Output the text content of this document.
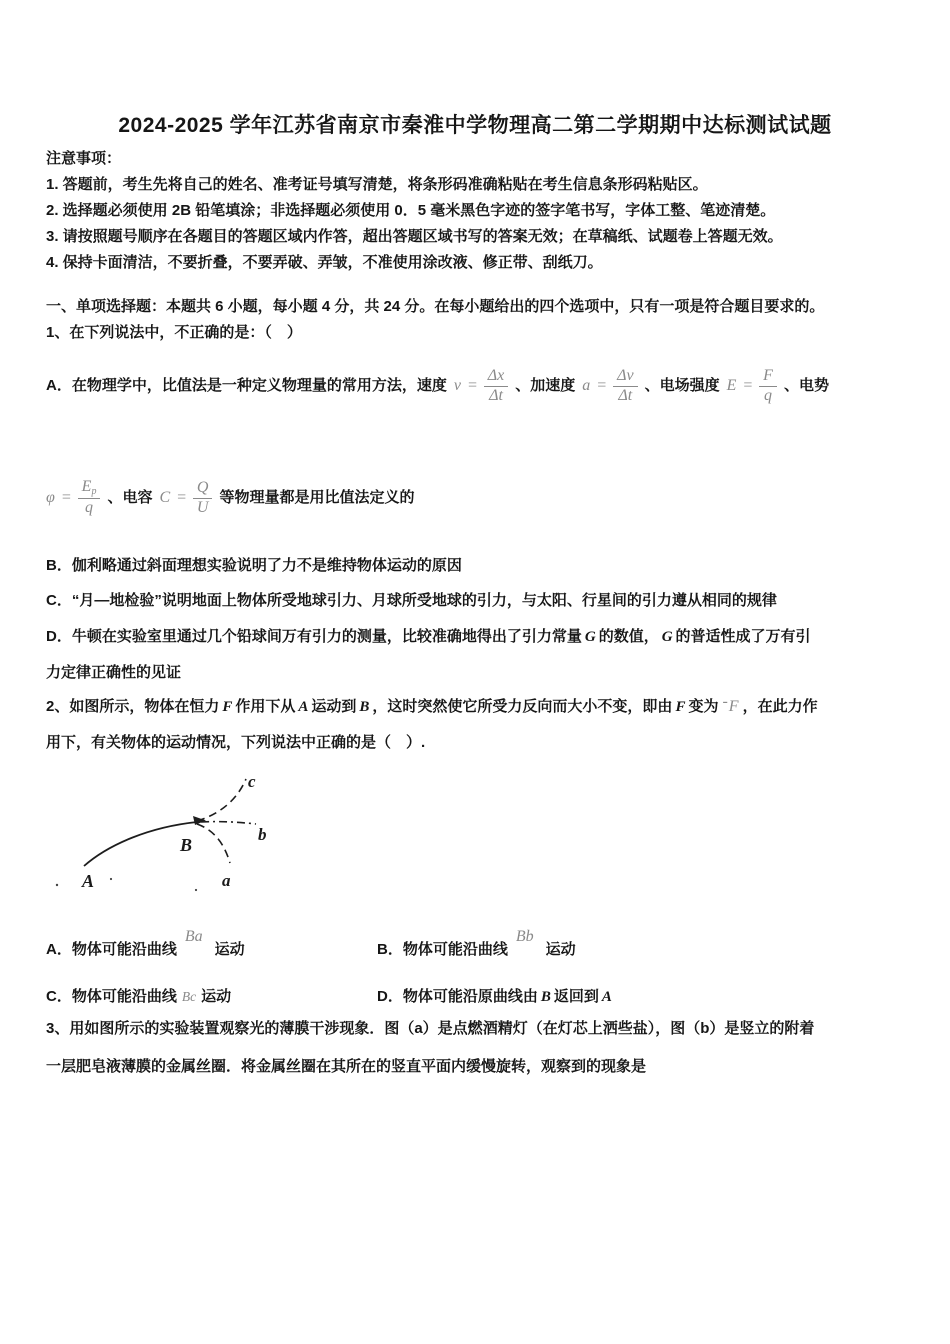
2024-2025 学年江苏省南京市秦淮中学物理高二第二学期期中达标测试试题
注意事项：
1. 答题前，考生先将自己的姓名、准考证号填写清楚，将条形码准确粘贴在考生信息条形码粘贴区。
2. 选择题必须使用 2B 铅笔填涂；非选择题必须使用 0．5 毫米黑色字迹的签字笔书写，字体工整、笔迹清楚。
3. 请按照题号顺序在各题目的答题区域内作答，超出答题区域书写的答案无效；在草稿纸、试题卷上答题无效。
4. 保持卡面清洁，不要折叠，不要弄破、弄皱，不准使用涂改液、修正带、刮纸刀。
一、单项选择题：本题共 6 小题，每小题 4 分，共 24 分。在每小题给出的四个选项中，只有一项是符合题目要求的。
1、在下列说法中，不正确的是：（　）
A．在物理学中，比值法是一种定义物理量的常用方法，速度 $v = \frac{\Delta x}{\Delta t}$ 、加速度 $a = \frac{\Delta v}{\Delta t}$ 、电场强度 $E = \frac{F}{q}$ 、电势
$\varphi = \frac{E_p}{q}$ 、电容 $C = \frac{Q}{U}$ 等物理量都是用比值法定义的
B．伽利略通过斜面理想实验说明了力不是维持物体运动的原因
C．“月—地检验”说明地面上物体所受地球引力、月球所受地球的引力，与太阳、行星间的引力遵从相同的规律
D．牛顿在实验室里通过几个铅球间万有引力的测量，比较准确地得出了引力常量 G 的数值， G 的普适性成了万有引
力定律正确性的见证
2、如图所示，物体在恒力 F 作用下从 A 运动到 B ，这时突然使它所受力反向而大小不变，即由 F 变为 - F ，在此力作
用下，有关物体的运动情况，下列说法中正确的是（　）.
A
B
a
b
c
A．物体可能沿曲线Ba运动	B．物体可能沿曲线Bb运动
C．物体可能沿曲线 Bc 运动	D．物体可能沿原曲线由 B 返回到 A
3、用如图所示的实验装置观察光的薄膜干涉现象．图（a）是点燃酒精灯（在灯芯上洒些盐），图（b）是竖立的附着
一层肥皂液薄膜的金属丝圈．将金属丝圈在其所在的竖直平面内缓慢旋转，观察到的现象是
